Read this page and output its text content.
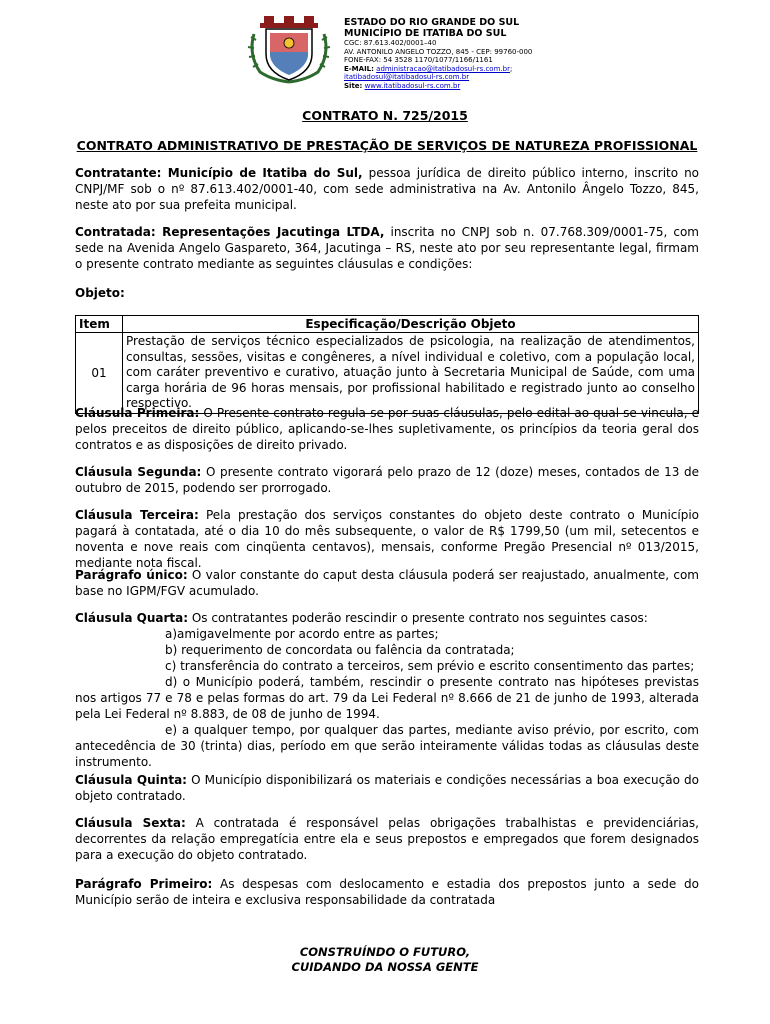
ESTADO DO RIO GRANDE DO SUL
MUNICÍPIO DE ITATIBA DO SUL
CGC: 87.613.402/0001–40
AV. ANTONILO ANGELO TOZZO, 845 - CEP: 99760-000
FONE-FAX: 54 3528 1170/1077/1166/1161
E-MAIL: administracao@itatibadosul-rs.com.br;
itatibadosul@itatibadosul-rs.com.br
Site: www.itatibadosul-rs.com.br
CONTRATO N. 725/2015
CONTRATO ADMINISTRATIVO DE PRESTAÇÃO DE SERVIÇOS DE NATUREZA PROFISSIONAL

Contratante: Município de Itatiba do Sul, pessoa jurídica de direito público interno, inscrito no CNPJ/MF sob o nº 87.613.402/0001-40, com sede administrativa na Av. Antonilo Ângelo Tozzo, 845, neste ato por sua prefeita municipal.

Contratada: Representações Jacutinga LTDA, inscrita no CNPJ sob n. 07.768.309/0001-75, com sede na Avenida Angelo Gaspareto, 364, Jacutinga – RS, neste ato por seu representante legal, firmam o presente contrato mediante as seguintes cláusulas e condições:

Objeto:

Item	Especificação/Descrição Objeto
01	Prestação de serviços técnico especializados de psicologia, na realização de atendimentos, consultas, sessões, visitas e congêneres, a nível individual e coletivo, com a população local, com caráter preventivo e curativo, atuação junto à Secretaria Municipal de Saúde, com uma carga horária de 96 horas mensais, por profissional habilitado e registrado junto ao conselho respectivo.

Cláusula Primeira: O Presente contrato regula-se por suas cláusulas, pelo edital ao qual se vincula, e pelos preceitos de direito público, aplicando-se-lhes supletivamente, os princípios da teoria geral dos contratos e as disposições de direito privado.

Cláusula Segunda: O presente contrato vigorará pelo prazo de 12 (doze) meses, contados de 13 de outubro de 2015, podendo ser prorrogado.

Cláusula Terceira: Pela prestação dos serviços constantes do objeto deste contrato o Município pagará à contatada, até o dia 10 do mês subsequente, o valor de R$ 1799,50 (um mil, setecentos e noventa e nove reais com cinqüenta centavos), mensais, conforme Pregão Presencial nº 013/2015, mediante nota fiscal.

Parágrafo único: O valor constante do caput desta cláusula poderá ser reajustado, anualmente, com base no IGPM/FGV acumulado.

Cláusula Quarta: Os contratantes poderão rescindir o presente contrato nos seguintes casos:
a)amigavelmente por acordo entre as partes;
b) requerimento de concordata ou falência da contratada;
c) transferência do contrato a terceiros, sem prévio e escrito consentimento das partes;
d) o Município poderá, também, rescindir o presente contrato nas hipóteses previstas nos artigos 77 e 78 e pelas formas do art. 79 da Lei Federal nº 8.666 de 21 de junho de 1993, alterada pela Lei Federal nº 8.883, de 08 de junho de 1994.
e) a qualquer tempo, por qualquer das partes, mediante aviso prévio, por escrito, com antecedência de 30 (trinta) dias, período em que serão inteiramente válidas todas as cláusulas deste instrumento.

Cláusula Quinta: O Município disponibilizará os materiais e condições necessárias a boa execução do objeto contratado.

Cláusula Sexta: A contratada é responsável pelas obrigações trabalhistas e previdenciárias, decorrentes da relação empregatícia entre ela e seus prepostos e empregados que forem designados para a execução do objeto contratado.

Parágrafo Primeiro: As despesas com deslocamento e estadia dos prepostos junto a sede do Município serão de inteira e exclusiva responsabilidade da contratada

CONSTRUÍNDO O FUTURO,
CUIDANDO DA NOSSA GENTE
